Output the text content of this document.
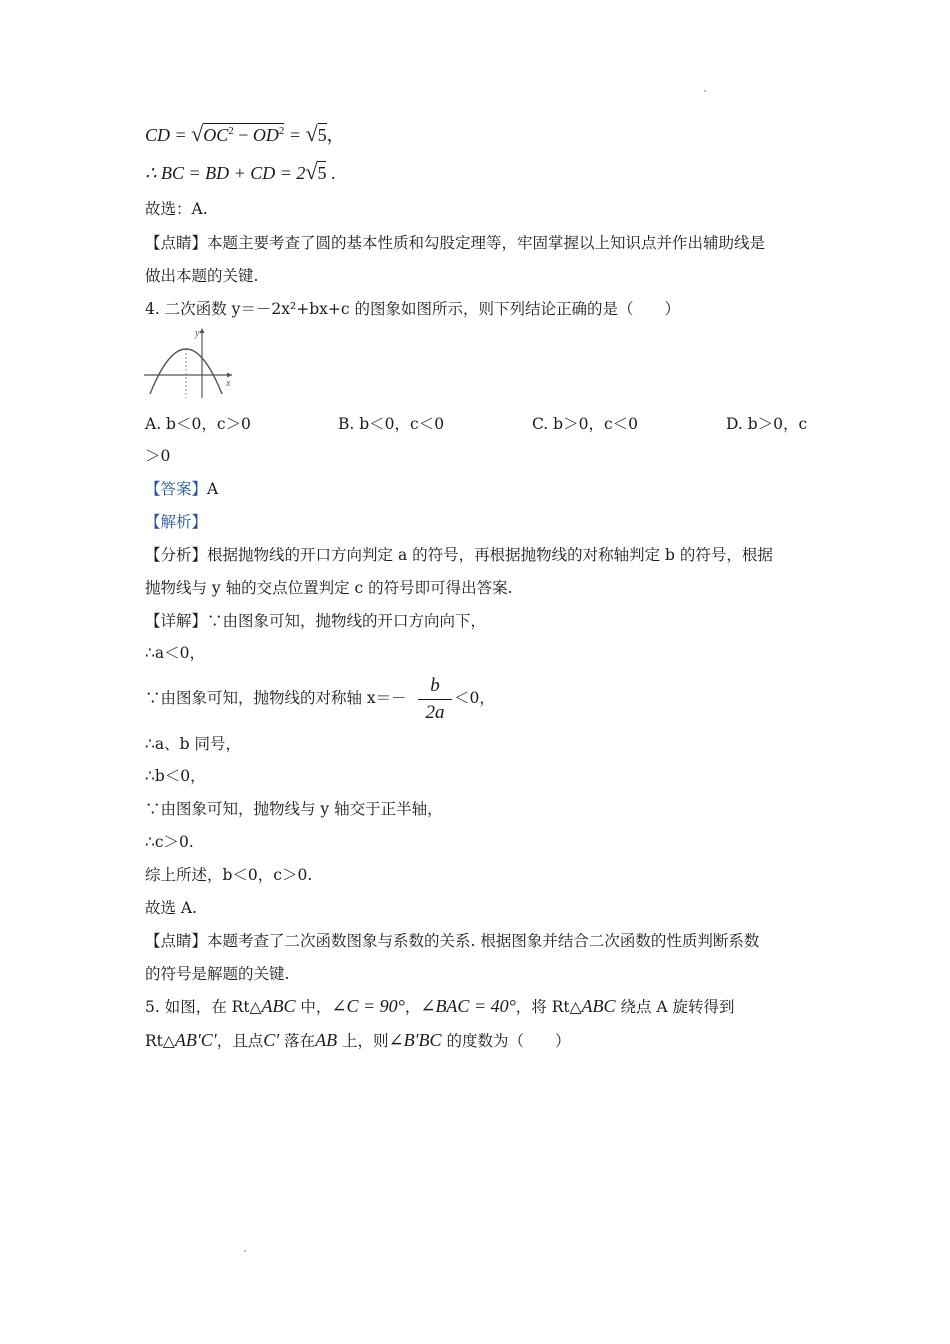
CD = $√OC^2 - OD^2 = √5$，
∴ BC = BD + CD = 2√5 .
故选：A.
【点睛】本题主要考查了圆的基本性质和勾股定理等，牢固掌握以上知识点并作出辅助线是
做出本题的关键.
4. 二次函数 y＝－2x²+bx+c 的图象如图所示，则下列结论正确的是（　　）
y
x
A. b＜0，c＞0	B. b＜0，c＜0	C. b＞0，c＜0	D. b＞0，c
＞0
【答案】A
【解析】
【分析】根据抛物线的开口方向判定 a 的符号，再根据抛物线的对称轴判定 b 的符号，根据
抛物线与 y 轴的交点位置判定 c 的符号即可得出答案.
【详解】∵由图象可知，抛物线的开口方向向下，
∴a＜0，
∵由图象可知，抛物线的对称轴 x＝－
b
2a
＜0，
∴a、b 同号，
∴b＜0，
∵由图象可知，抛物线与 y 轴交于正半轴，
∴c＞0.
综上所述，b＜0，c＞0.
故选 A.
【点睛】本题考查了二次函数图象与系数的关系. 根据图象并结合二次函数的性质判断系数
的符号是解题的关键.
5. 如图，在 Rt△ABC 中，∠C = 90°，∠BAC = 40°，将 Rt△ABC 绕点 A 旋转得到
Rt△AB′C′，且点C′ 落在AB 上，则∠B′BC 的度数为（　　）
